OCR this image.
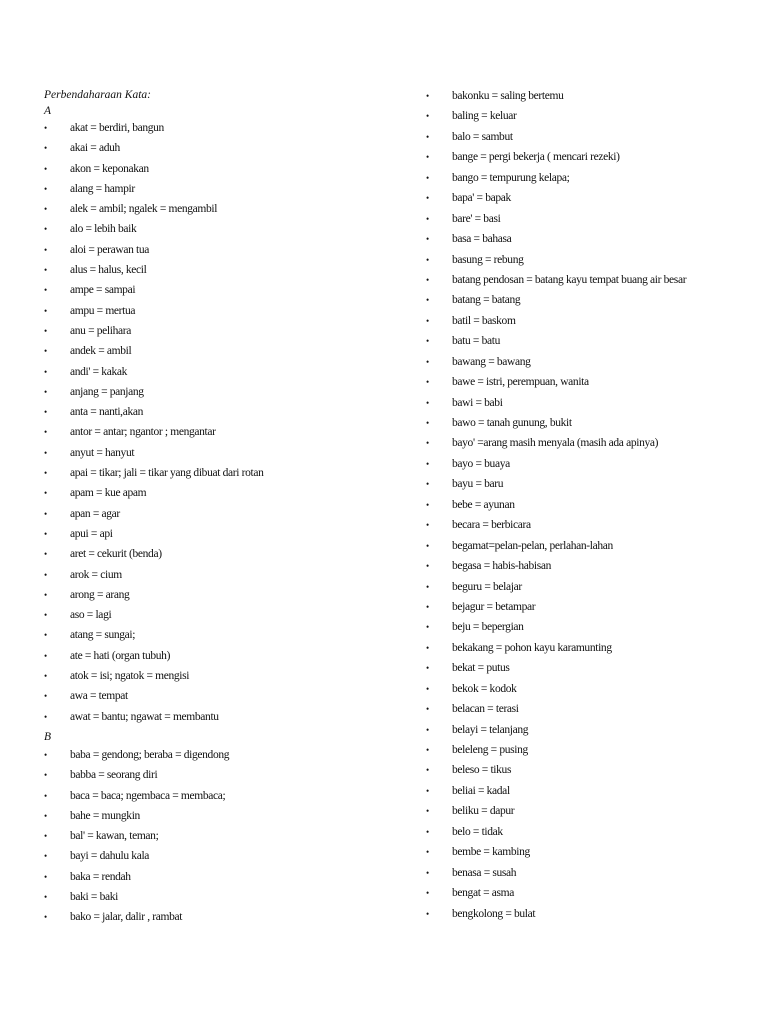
Perbendaharaan Kata:
A
•	akat = berdiri, bangun
•	akai = aduh
•	akon = keponakan
•	alang = hampir
•	alek = ambil; ngalek = mengambil
•	alo = lebih baik
•	aloi = perawan tua
•	alus = halus, kecil
•	ampe = sampai
•	ampu = mertua
•	anu = pelihara
•	andek = ambil
•	andi' = kakak
•	anjang = panjang
•	anta = nanti,akan
•	antor = antar; ngantor ; mengantar
•	anyut = hanyut
•	apai = tikar; jali = tikar yang dibuat dari rotan
•	apam = kue apam
•	apan = agar
•	apui = api
•	aret = cekurit (benda)
•	arok = cium
•	arong = arang
•	aso = lagi
•	atang = sungai;
•	ate = hati (organ tubuh)
•	atok = isi; ngatok = mengisi
•	awa = tempat
•	awat = bantu; ngawat = membantu
B
•	baba = gendong; beraba = digendong
•	babba = seorang diri
•	baca = baca; ngembaca = membaca;
•	bahe = mungkin
•	bal' = kawan, teman;
•	bayi = dahulu kala
•	baka = rendah
•	baki = baki
•	bako = jalar, dalir , rambat
•	bakonku = saling bertemu
•	baling = keluar
•	balo = sambut
•	bange = pergi bekerja ( mencari rezeki)
•	bango = tempurung kelapa;
•	bapa' = bapak
•	bare' = basi
•	basa = bahasa
•	basung = rebung
•	batang pendosan = batang kayu tempat buang air besar
•	batang = batang
•	batil = baskom
•	batu = batu
•	bawang = bawang
•	bawe = istri, perempuan, wanita
•	bawi = babi
•	bawo = tanah gunung, bukit
•	bayo' =arang masih menyala (masih ada apinya)
•	bayo = buaya
•	bayu = baru
•	bebe = ayunan
•	becara = berbicara
•	begamat=pelan-pelan, perlahan-lahan
•	begasa = habis-habisan
•	beguru = belajar
•	bejagur = betampar
•	beju = bepergian
•	bekakang = pohon kayu karamunting
•	bekat = putus
•	bekok = kodok
•	belacan = terasi
•	belayi = telanjang
•	beleleng = pusing
•	beleso = tikus
•	beliai = kadal
•	beliku = dapur
•	belo = tidak
•	bembe = kambing
•	benasa = susah
•	bengat = asma
•	bengkolong = bulat
